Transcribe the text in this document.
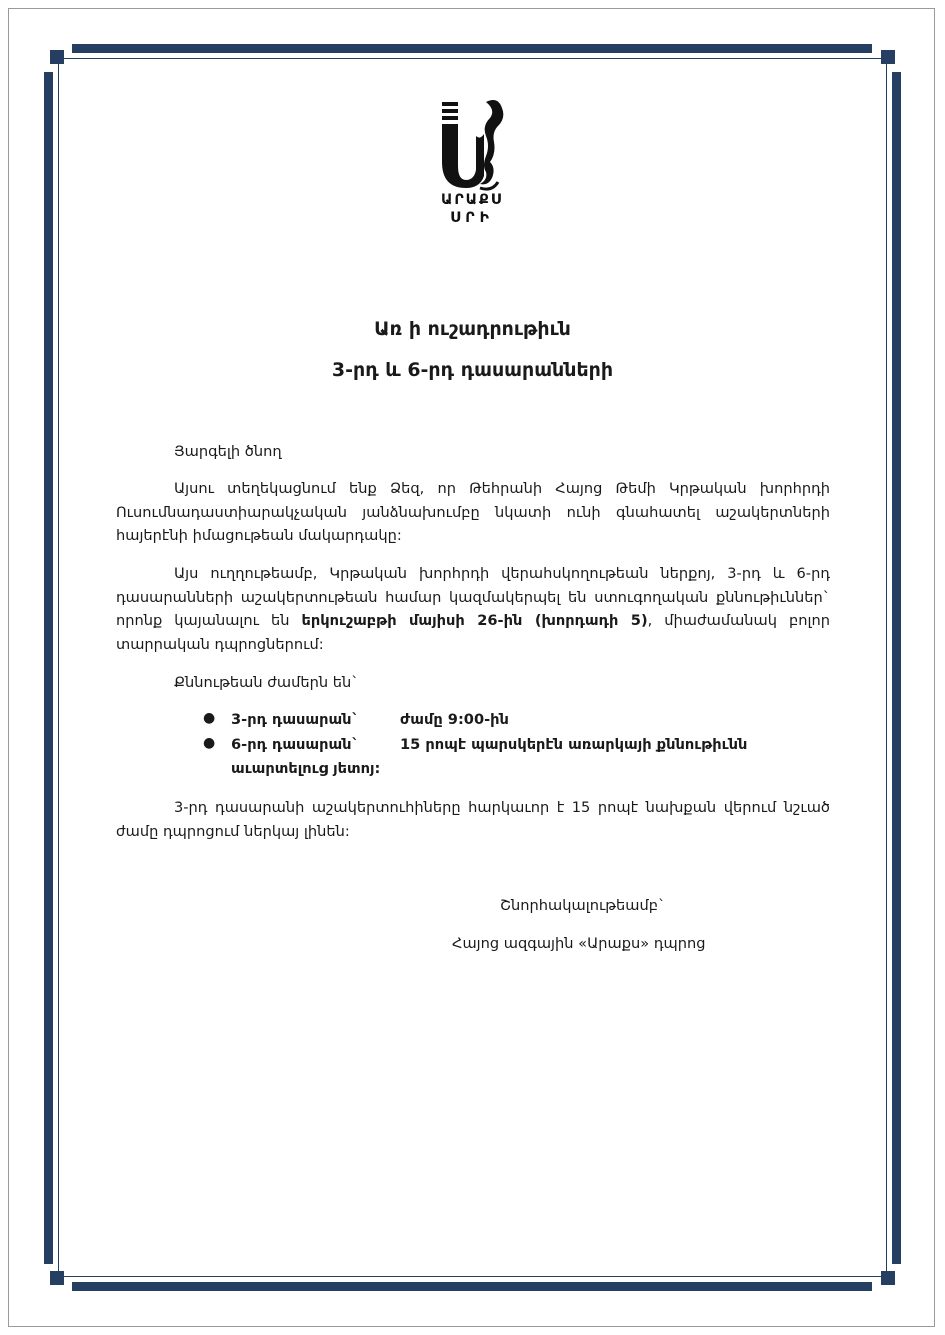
ԱՐԱՔՍ
ՍՐԻ
Առ ի ուշադրութիւն
3-րդ և 6-րդ դասարանների
Յարգելի ծնող
Այսու տեղեկացնում ենք Ձեզ, որ Թեհրանի Հայոց Թեմի Կրթական խորհրդի Ուսումնադաստիարակչական յանձնախումբը նկատի ունի գնահատել աշակերտների հայերէնի իմացութեան մակարդակը:
Այս ուղղութեամբ, Կրթական խորհրդի վերահսկողութեան ներքոյ, 3-րդ և 6-րդ դասարանների աշակերտութեան համար կազմակերպել են ստուգողական քննութիւններ` որոնք կայանալու են երկուշաբթի մայիսի 26-ին (խորդադի 5), միաժամանակ բոլոր տարրական դպրոցներում:
Քննութեան ժամերն են`
● 3-րդ դասարան`	ժամը 9:00-ին
● 6-րդ դասարան`	15 րոպէ պարսկերէն առարկայի քննութիւնն
աւարտելուց յետոյ:
3-րդ դասարանի աշակերտուհիները հարկաւոր է 15 րոպէ նախքան վերում նշւած ժամը դպրոցում ներկայ լինեն:
Շնորհակալութեամբ`
Հայոց ազգային «Արաքս» դպրոց
